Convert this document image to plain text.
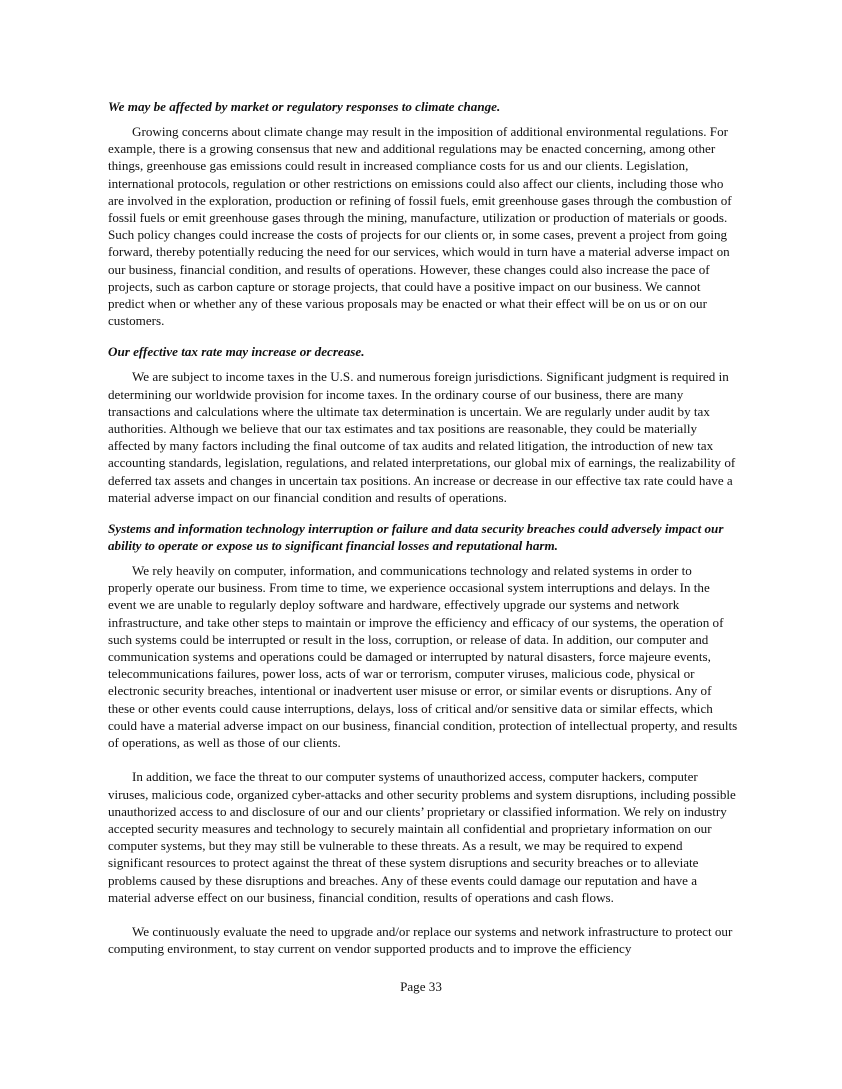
We may be affected by market or regulatory responses to climate change.

Growing concerns about climate change may result in the imposition of additional environmental regulations. For example, there is a growing consensus that new and additional regulations may be enacted concerning, among other things, greenhouse gas emissions could result in increased compliance costs for us and our clients. Legislation, international protocols, regulation or other restrictions on emissions could also affect our clients, including those who are involved in the exploration, production or refining of fossil fuels, emit greenhouse gases through the combustion of fossil fuels or emit greenhouse gases through the mining, manufacture, utilization or production of materials or goods. Such policy changes could increase the costs of projects for our clients or, in some cases, prevent a project from going forward, thereby potentially reducing the need for our services, which would in turn have a material adverse impact on our business, financial condition, and results of operations. However, these changes could also increase the pace of projects, such as carbon capture or storage projects, that could have a positive impact on our business. We cannot predict when or whether any of these various proposals may be enacted or what their effect will be on us or on our customers.

Our effective tax rate may increase or decrease.

We are subject to income taxes in the U.S. and numerous foreign jurisdictions. Significant judgment is required in determining our worldwide provision for income taxes. In the ordinary course of our business, there are many transactions and calculations where the ultimate tax determination is uncertain. We are regularly under audit by tax authorities. Although we believe that our tax estimates and tax positions are reasonable, they could be materially affected by many factors including the final outcome of tax audits and related litigation, the introduction of new tax accounting standards, legislation, regulations, and related interpretations, our global mix of earnings, the realizability of deferred tax assets and changes in uncertain tax positions. An increase or decrease in our effective tax rate could have a material adverse impact on our financial condition and results of operations.

Systems and information technology interruption or failure and data security breaches could adversely impact our ability to operate or expose us to significant financial losses and reputational harm.

We rely heavily on computer, information, and communications technology and related systems in order to properly operate our business. From time to time, we experience occasional system interruptions and delays. In the event we are unable to regularly deploy software and hardware, effectively upgrade our systems and network infrastructure, and take other steps to maintain or improve the efficiency and efficacy of our systems, the operation of such systems could be interrupted or result in the loss, corruption, or release of data. In addition, our computer and communication systems and operations could be damaged or interrupted by natural disasters, force majeure events, telecommunications failures, power loss, acts of war or terrorism, computer viruses, malicious code, physical or electronic security breaches, intentional or inadvertent user misuse or error, or similar events or disruptions. Any of these or other events could cause interruptions, delays, loss of critical and/or sensitive data or similar effects, which could have a material adverse impact on our business, financial condition, protection of intellectual property, and results of operations, as well as those of our clients.

In addition, we face the threat to our computer systems of unauthorized access, computer hackers, computer viruses, malicious code, organized cyber-attacks and other security problems and system disruptions, including possible unauthorized access to and disclosure of our and our clients’ proprietary or classified information. We rely on industry accepted security measures and technology to securely maintain all confidential and proprietary information on our computer systems, but they may still be vulnerable to these threats. As a result, we may be required to expend significant resources to protect against the threat of these system disruptions and security breaches or to alleviate problems caused by these disruptions and breaches. Any of these events could damage our reputation and have a material adverse effect on our business, financial condition, results of operations and cash flows.

We continuously evaluate the need to upgrade and/or replace our systems and network infrastructure to protect our computing environment, to stay current on vendor supported products and to improve the efficiency

Page 33
